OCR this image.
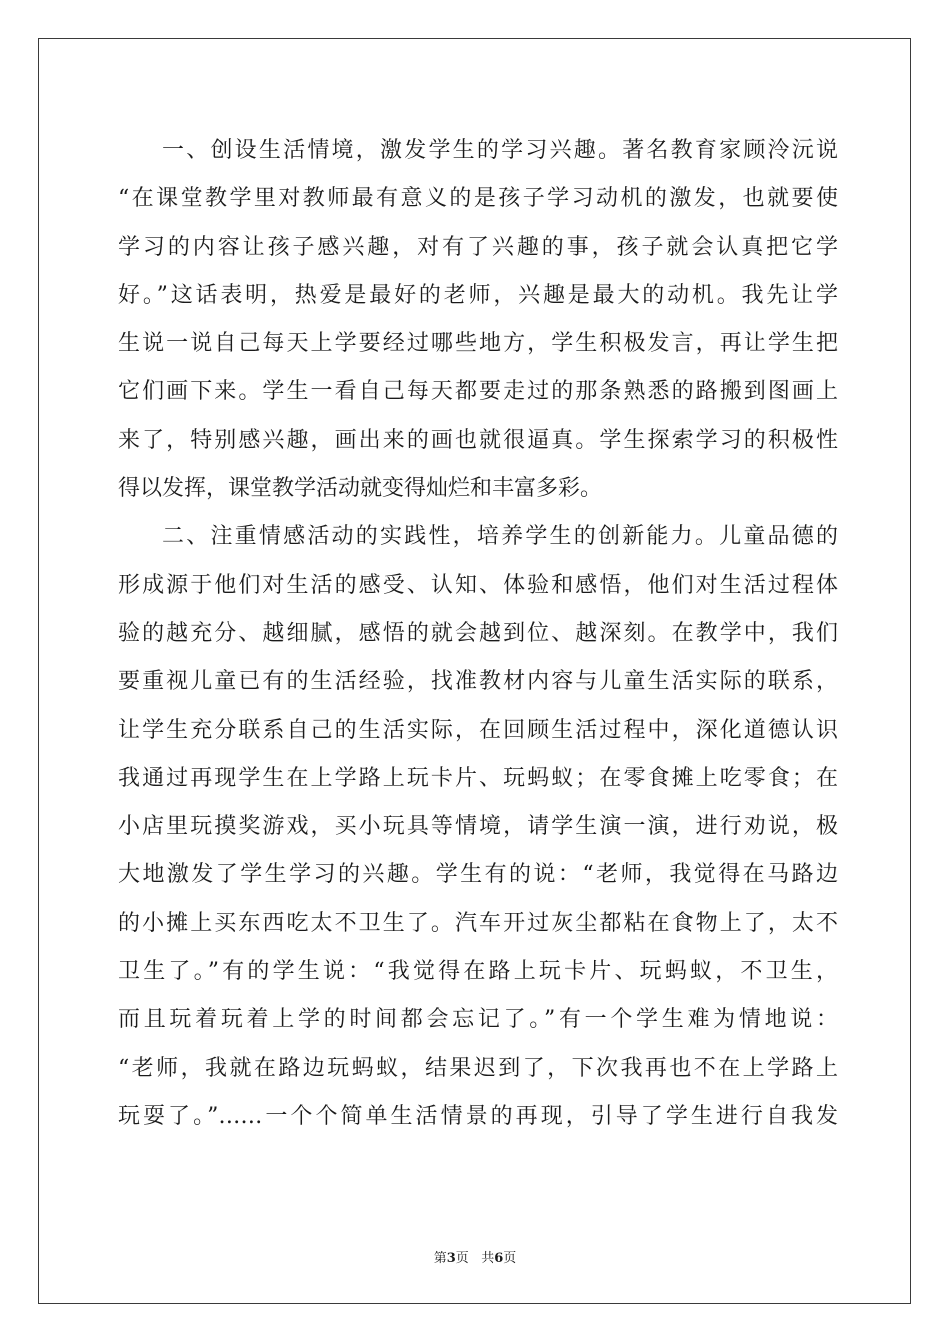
一、创设生活情境，激发学生的学习兴趣。著名教育家顾泠沅说
“在课堂教学里对教师最有意义的是孩子学习动机的激发，也就要使
学习的内容让孩子感兴趣，对有了兴趣的事，孩子就会认真把它学
好。”这话表明，热爱是最好的老师，兴趣是最大的动机。我先让学
生说一说自己每天上学要经过哪些地方，学生积极发言，再让学生把
它们画下来。学生一看自己每天都要走过的那条熟悉的路搬到图画上
来了，特别感兴趣，画出来的画也就很逼真。学生探索学习的积极性
得以发挥，课堂教学活动就变得灿烂和丰富多彩。
二、注重情感活动的实践性，培养学生的创新能力。儿童品德的
形成源于他们对生活的感受、认知、体验和感悟，他们对生活过程体
验的越充分、越细腻，感悟的就会越到位、越深刻。在教学中，我们
要重视儿童已有的生活经验，找准教材内容与儿童生活实际的联系，
让学生充分联系自己的生活实际，在回顾生活过程中，深化道德认识
我通过再现学生在上学路上玩卡片、玩蚂蚁；在零食摊上吃零食；在
小店里玩摸奖游戏，买小玩具等情境，请学生演一演，进行劝说，极
大地激发了学生学习的兴趣。学生有的说：“老师，我觉得在马路边
的小摊上买东西吃太不卫生了。汽车开过灰尘都粘在食物上了，太不
卫生了。”有的学生说：“我觉得在路上玩卡片、玩蚂蚁，不卫生，
而且玩着玩着上学的时间都会忘记了。”有一个学生难为情地说：
“老师，我就在路边玩蚂蚁，结果迟到了，下次我再也不在上学路上
玩耍了。”……一个个简单生活情景的再现，引导了学生进行自我发
第3页   共6页
